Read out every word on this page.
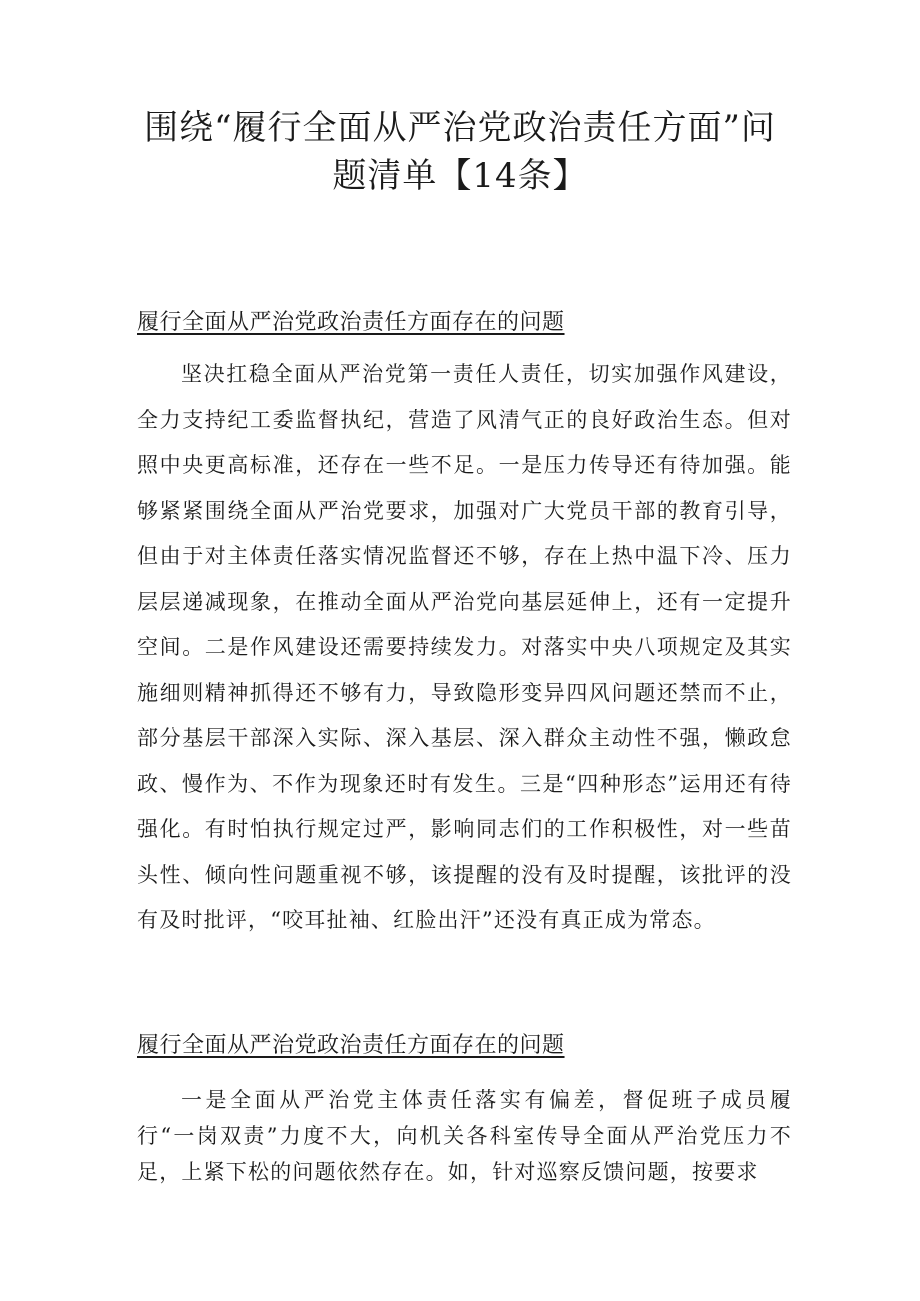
围绕“履行全面从严治党政治责任方面”问
题清单【14条】
履行全面从严治党政治责任方面存在的问题

坚决扛稳全面从严治党第一责任人责任，切实加强作风建设，全力支持纪工委监督执纪，营造了风清气正的良好政治生态。但对照中央更高标准，还存在一些不足。一是压力传导还有待加强。能够紧紧围绕全面从严治党要求，加强对广大党员干部的教育引导，但由于对主体责任落实情况监督还不够，存在上热中温下冷、压力层层递减现象，在推动全面从严治党向基层延伸上，还有一定提升空间。二是作风建设还需要持续发力。对落实中央八项规定及其实施细则精神抓得还不够有力，导致隐形变异四风问题还禁而不止，部分基层干部深入实际、深入基层、深入群众主动性不强，懒政怠政、慢作为、不作为现象还时有发生。三是“四种形态”运用还有待强化。有时怕执行规定过严，影响同志们的工作积极性，对一些苗头性、倾向性问题重视不够，该提醒的没有及时提醒，该批评的没有及时批评，“咬耳扯袖、红脸出汗”还没有真正成为常态。

履行全面从严治党政治责任方面存在的问题

一是全面从严治党主体责任落实有偏差，督促班子成员履行“一岗双责”力度不大，向机关各科室传导全面从严治党压力不足，上紧下松的问题依然存在。如，针对巡察反馈问题，按要求
